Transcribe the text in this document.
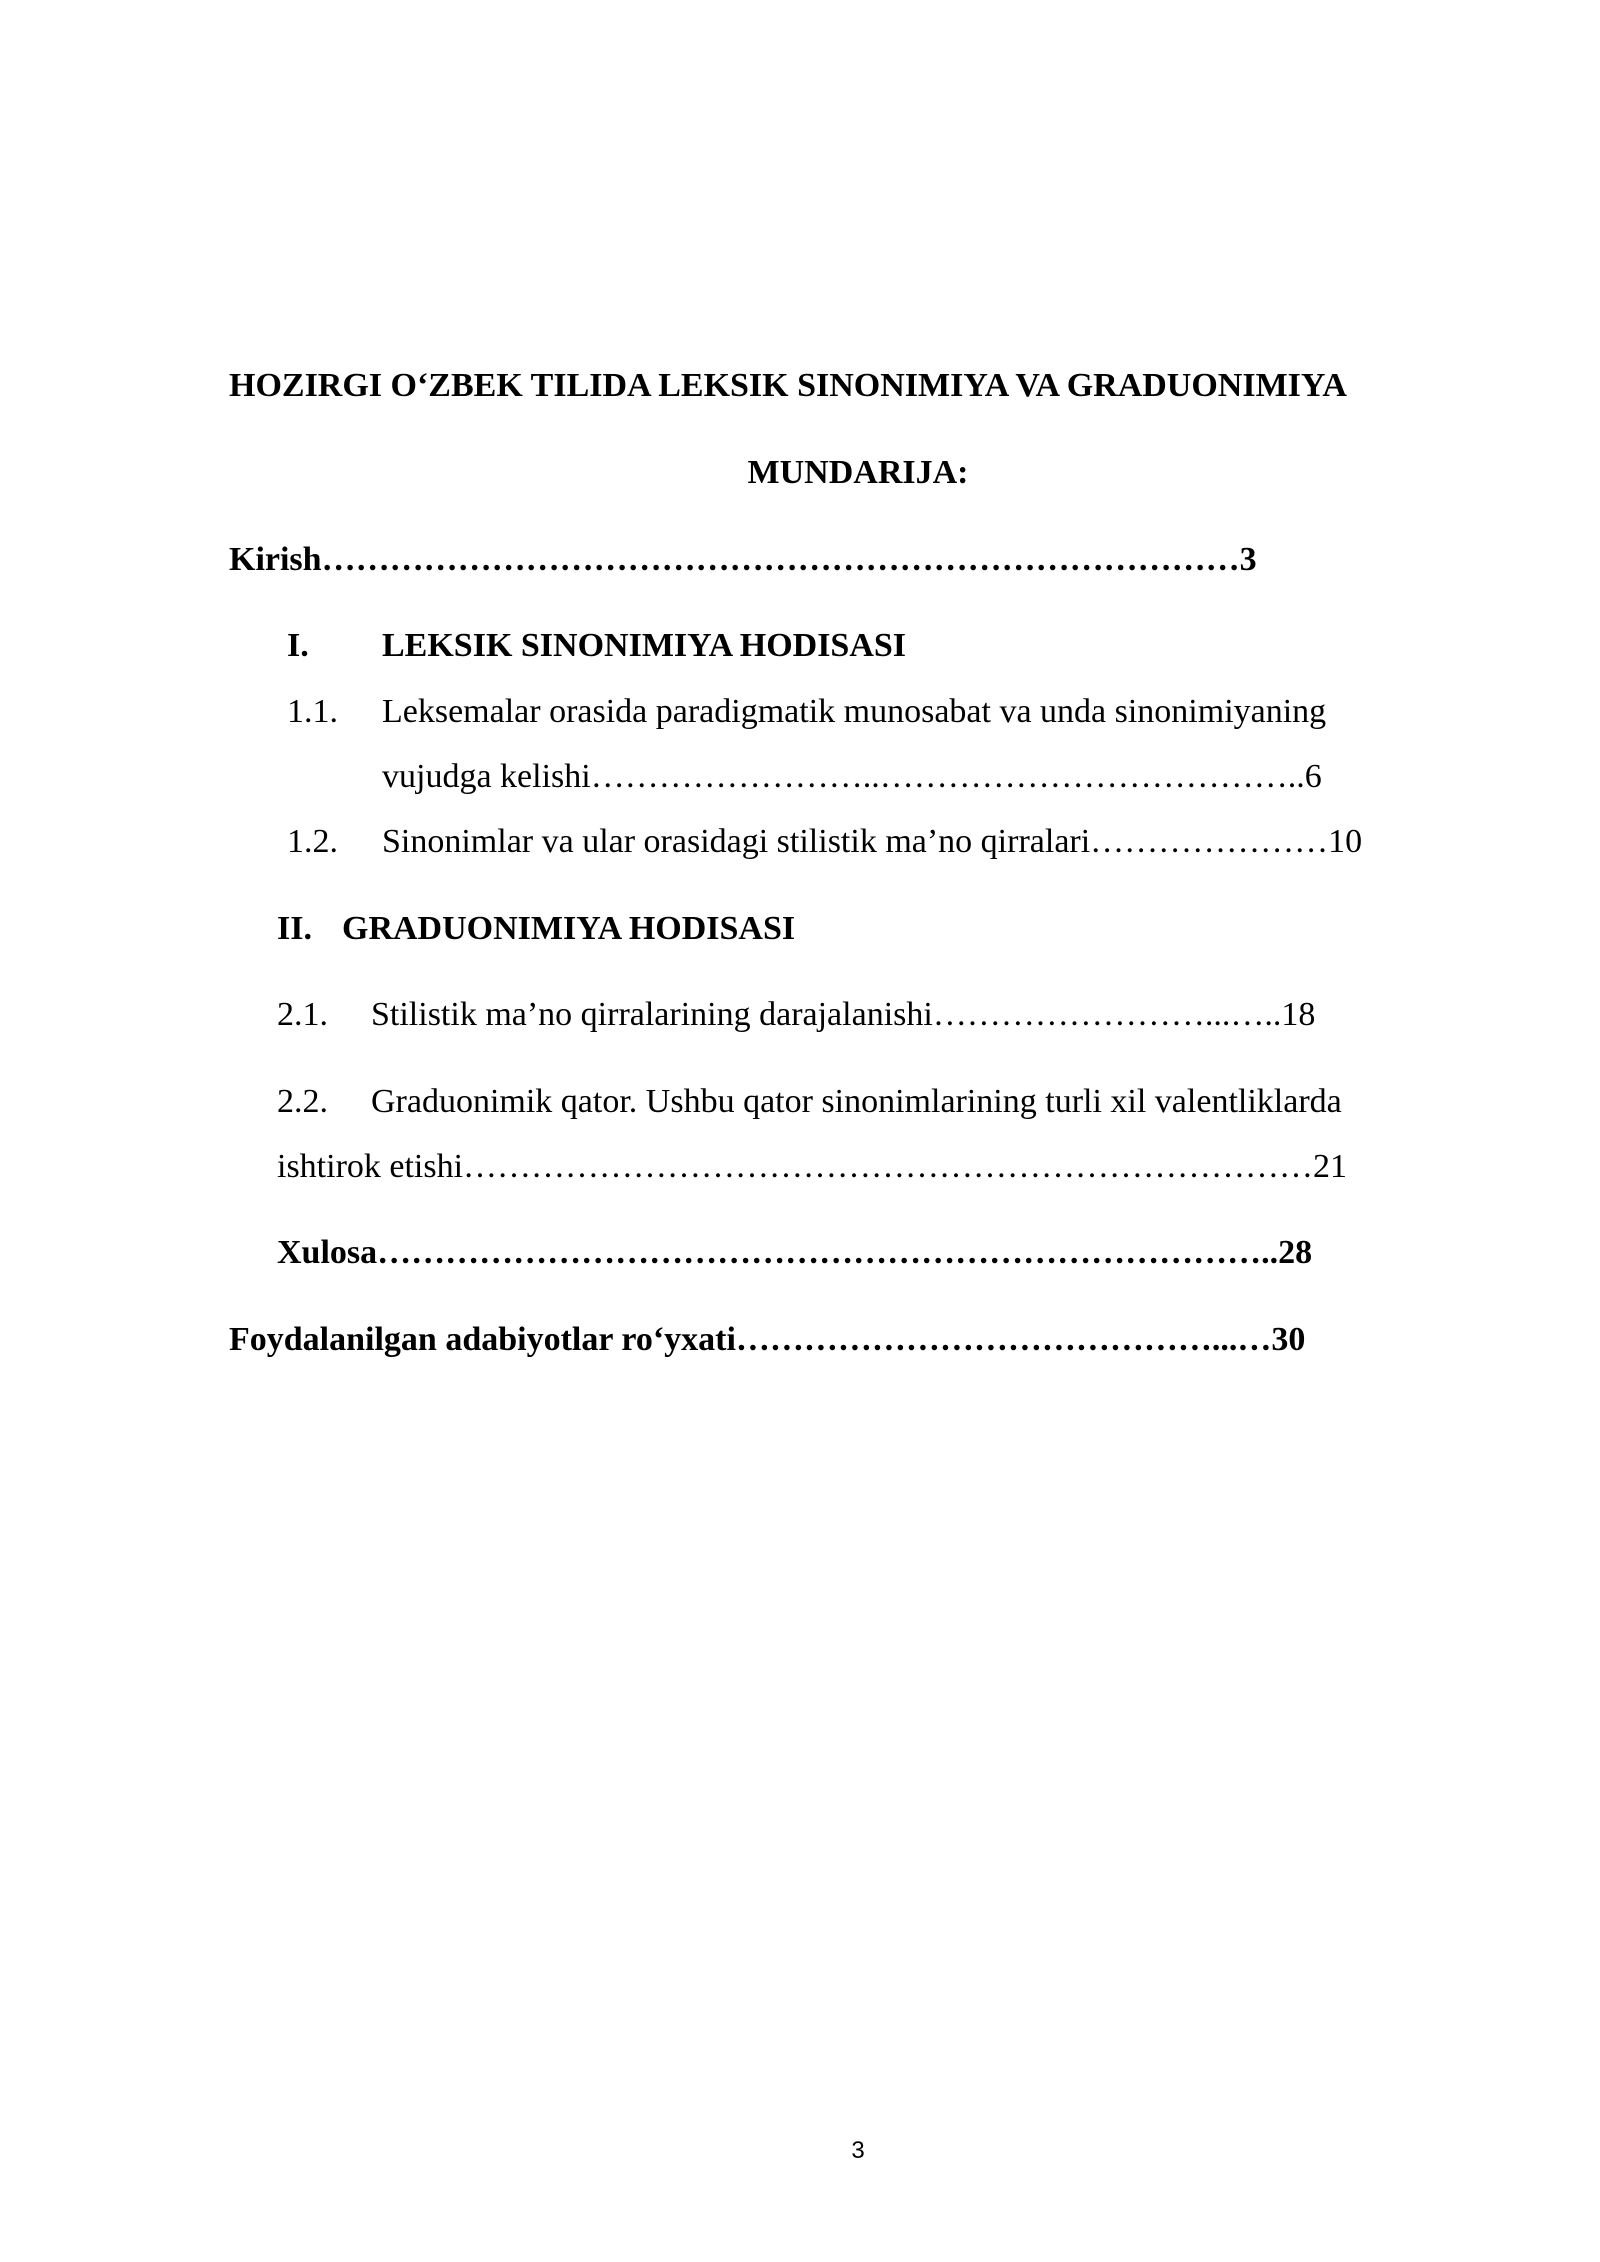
HOZIRGI O‘ZBEK TILIDA LEKSIK SINONIMIYA VA GRADUONIMIYA
MUNDARIJA:
Kirish………………………………………………………………………3
I. LEKSIK SINONIMIYA HODISASI
1.1. Leksemalar orasida paradigmatik munosabat va unda sinonimiyaning
vujudga kelishi……………………..………………………………..6
1.2. Sinonimlar va ular orasidagi stilistik ma’no qirralari…………………10
II. GRADUONIMIYA HODISASI
2.1. Stilistik ma’no qirralarining darajalanishi……………………...…..18
2.2. Graduonimik qator. Ushbu qator sinonimlarining turli xil valentliklarda
ishtirok etishi…………………………………………………………………21
Xulosa……………………………………………………………………..28
Foydalanilgan adabiyotlar ro‘yxati……………………………………...…30
3
